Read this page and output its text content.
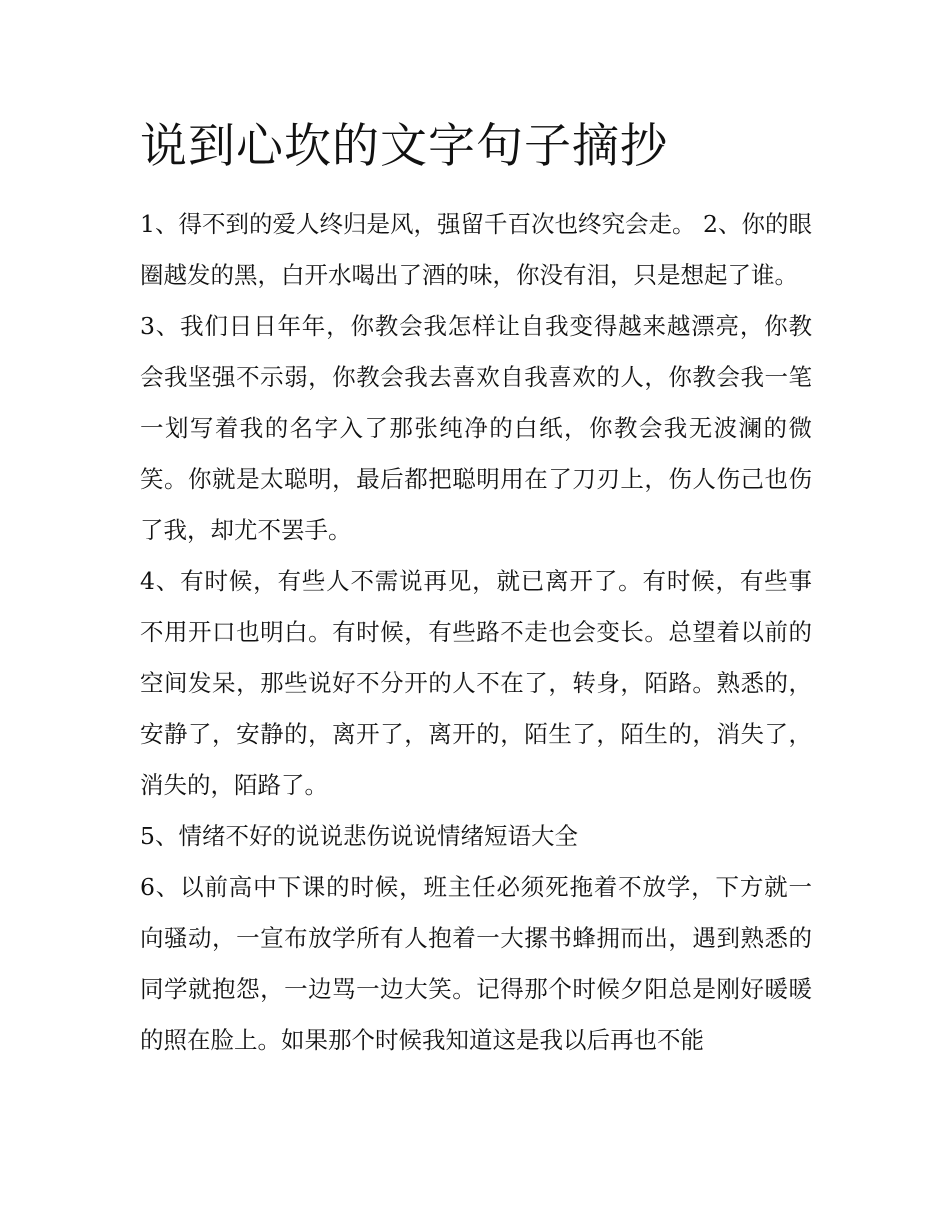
说到心坎的文字句子摘抄

1、得不到的爱人终归是风，强留千百次也终究会走。 2、你的眼圈越发的黑，白开水喝出了酒的味，你没有泪，只是想起了谁。

3、我们日日年年，你教会我怎样让自我变得越来越漂亮，你教会我坚强不示弱，你教会我去喜欢自我喜欢的人，你教会我一笔一划写着我的名字入了那张纯净的白纸，你教会我无波澜的微笑。你就是太聪明，最后都把聪明用在了刀刃上，伤人伤己也伤了我，却尤不罢手。

4、有时候，有些人不需说再见，就已离开了。有时候，有些事不用开口也明白。有时候，有些路不走也会变长。总望着以前的空间发呆，那些说好不分开的人不在了，转身，陌路。熟悉的，安静了，安静的，离开了，离开的，陌生了，陌生的，消失了，消失的，陌路了。

5、情绪不好的说说悲伤说说情绪短语大全

6、以前高中下课的时候，班主任必须死拖着不放学，下方就一向骚动，一宣布放学所有人抱着一大摞书蜂拥而出，遇到熟悉的同学就抱怨，一边骂一边大笑。记得那个时候夕阳总是刚好暖暖的照在脸上。如果那个时候我知道这是我以后再也不能
